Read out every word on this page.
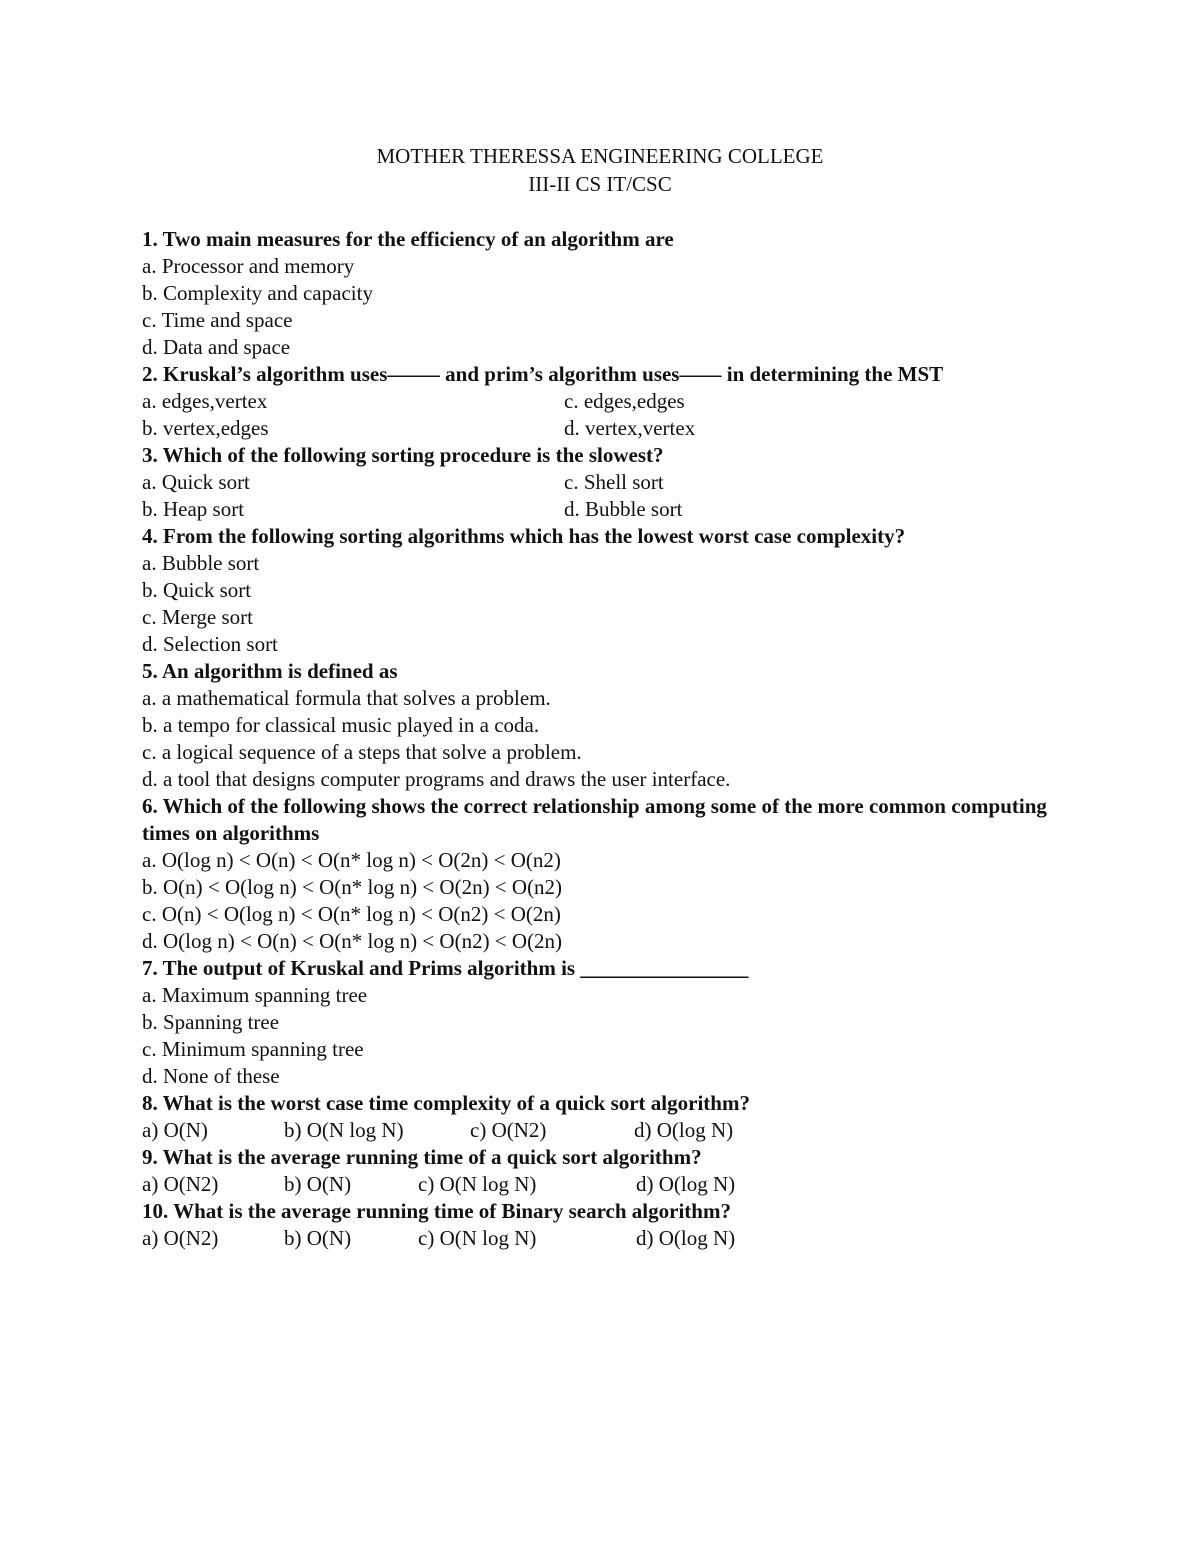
MOTHER THERESSA ENGINEERING COLLEGE
III-II CS IT/CSC
1. Two main measures for the efficiency of an algorithm are
a. Processor and memory
b. Complexity and capacity
c. Time and space
d. Data and space
2. Kruskal’s algorithm uses––––– and prim’s algorithm uses–––– in determining the MST
a. edges,vertex	c. edges,edges
b. vertex,edges	d. vertex,vertex
3. Which of the following sorting procedure is the slowest?
a. Quick sort	c. Shell sort
b. Heap sort	d. Bubble sort
4. From the following sorting algorithms which has the lowest worst case complexity?
a. Bubble sort
b. Quick sort
c. Merge sort
d. Selection sort
5. An algorithm is defined as
a. a mathematical formula that solves a problem.
b. a tempo for classical music played in a coda.
c. a logical sequence of a steps that solve a problem.
d. a tool that designs computer programs and draws the user interface.
6. Which of the following shows the correct relationship among some of the more common computing times on algorithms
a. O(log n) < O(n) < O(n* log n) < O(2n) < O(n2)
b. O(n) < O(log n) < O(n* log n) < O(2n) < O(n2)
c. O(n) < O(log n) < O(n* log n) < O(n2) < O(2n)
d. O(log n) < O(n) < O(n* log n) < O(n2) < O(2n)
7. The output of Kruskal and Prims algorithm is ________________
a. Maximum spanning tree
b. Spanning tree
c. Minimum spanning tree
d. None of these
8. What is the worst case time complexity of a quick sort algorithm?
a) O(N)	b) O(N log N)	c) O(N2)	d) O(log N)
9. What is the average running time of a quick sort algorithm?
a) O(N2)	b) O(N)	c) O(N log N)	d) O(log N)
10. What is the average running time of Binary search algorithm?
a) O(N2)	b) O(N)	c) O(N log N)	d) O(log N)
